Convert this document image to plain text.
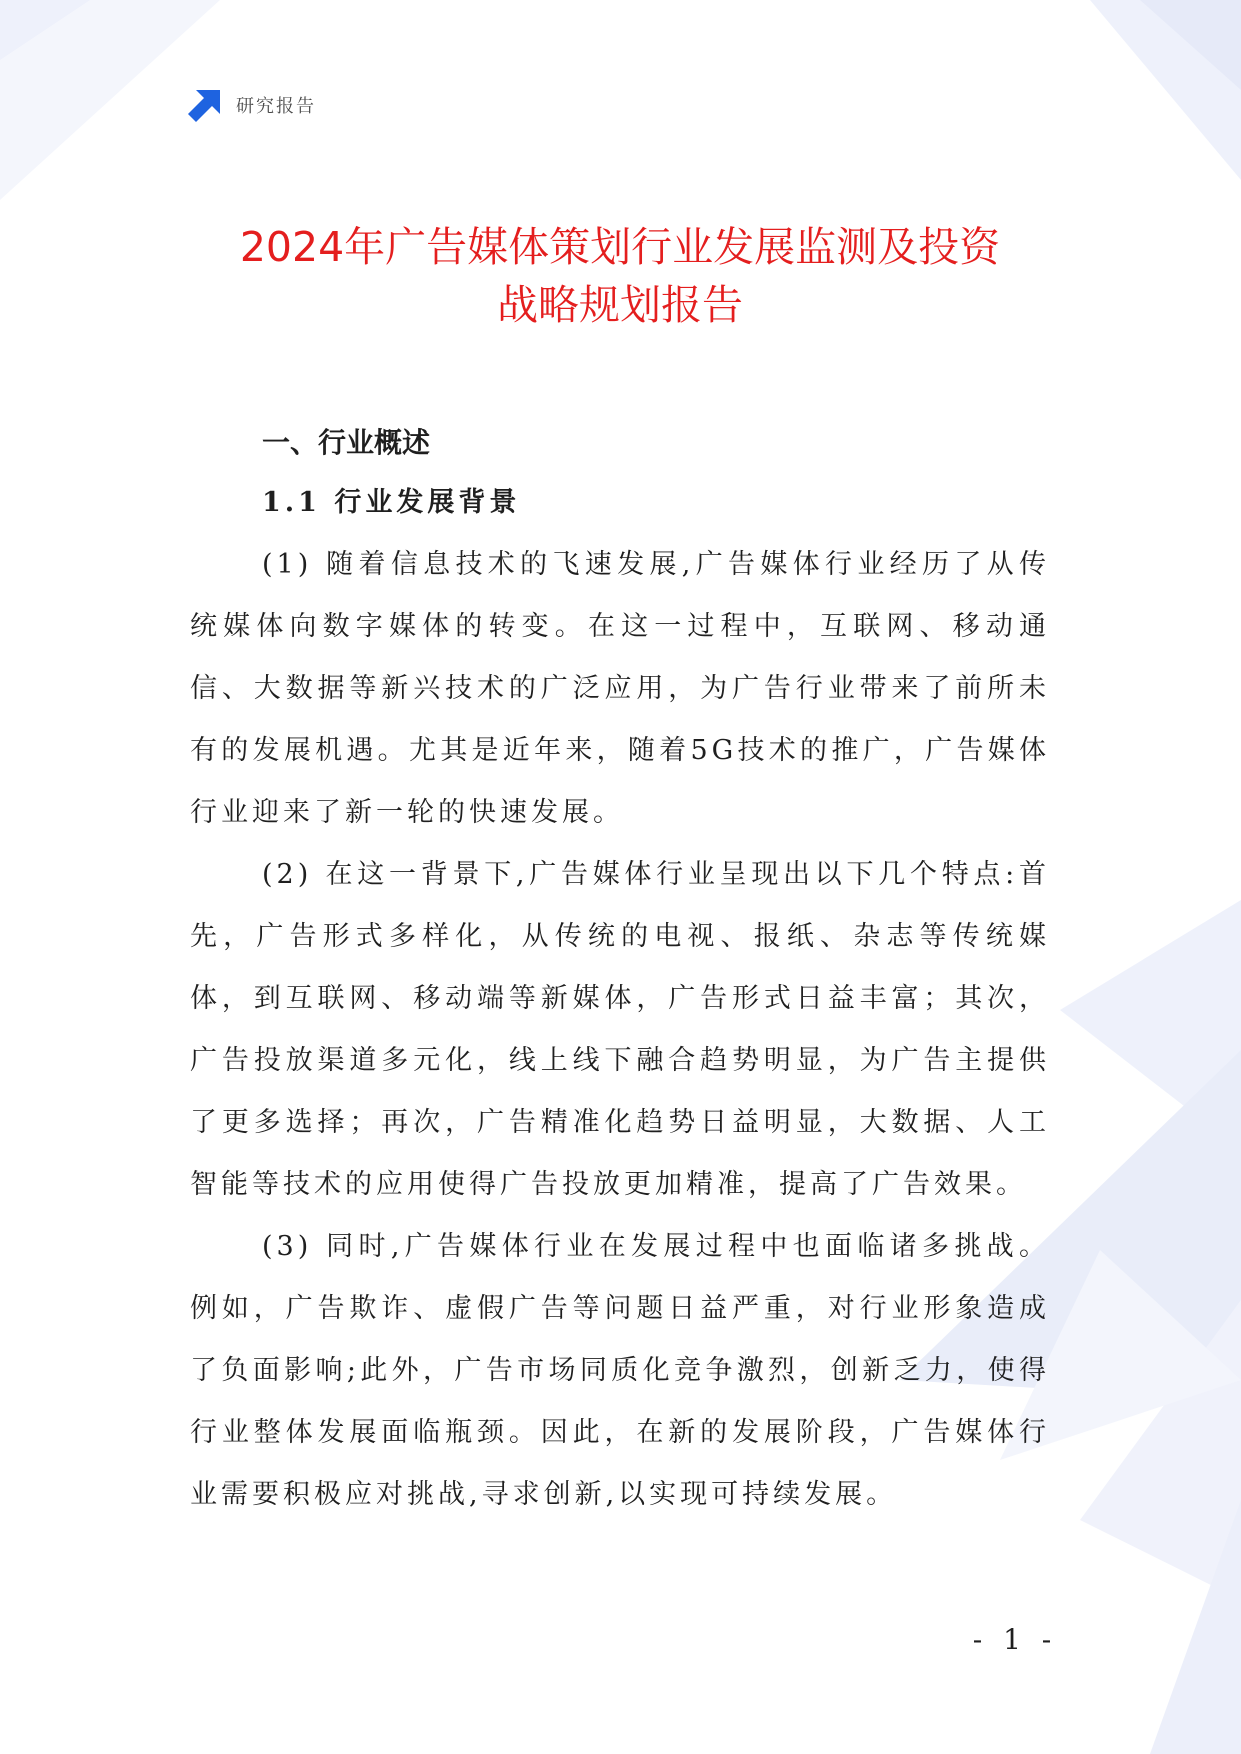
研究报告
2024年广告媒体策划行业发展监测及投资
战略规划报告
一、行业概述
1.1 行业发展背景

(1) 随着信息技术的飞速发展,广告媒体行业经历了从传统媒体向数字媒体的转变。在这一过程中，互联网、移动通信、大数据等新兴技术的广泛应用，为广告行业带来了前所未有的发展机遇。尤其是近年来，随着5G技术的推广，广告媒体行业迎来了新一轮的快速发展。

(2) 在这一背景下,广告媒体行业呈现出以下几个特点:首先，广告形式多样化，从传统的电视、报纸、杂志等传统媒体，到互联网、移动端等新媒体，广告形式日益丰富；其次，广告投放渠道多元化，线上线下融合趋势明显，为广告主提供了更多选择；再次，广告精准化趋势日益明显，大数据、人工智能等技术的应用使得广告投放更加精准，提高了广告效果。

(3) 同时,广告媒体行业在发展过程中也面临诸多挑战。例如，广告欺诈、虚假广告等问题日益严重，对行业形象造成了负面影响;此外，广告市场同质化竞争激烈，创新乏力，使得行业整体发展面临瓶颈。因此，在新的发展阶段，广告媒体行业需要积极应对挑战,寻求创新,以实现可持续发展。

- 1 -
